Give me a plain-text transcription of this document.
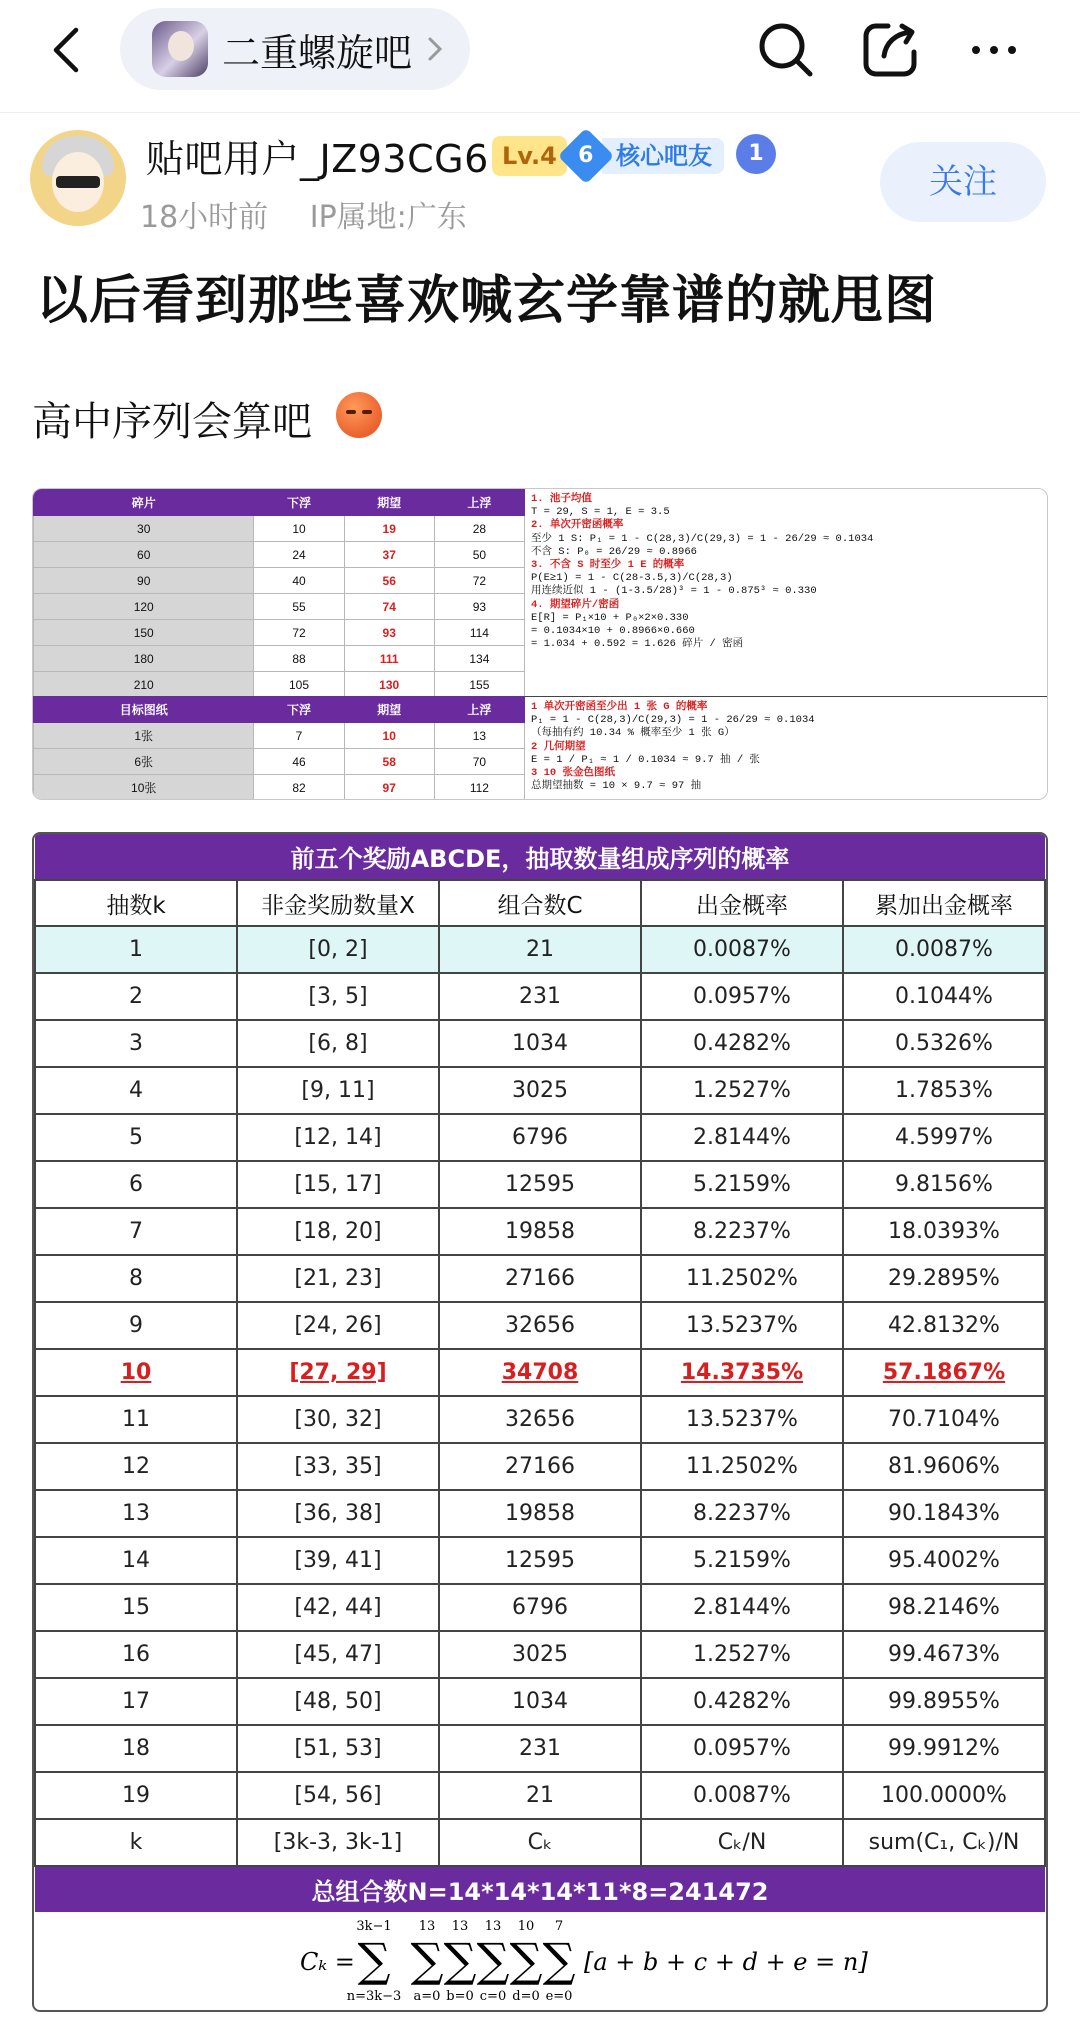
二重螺旋吧
贴吧用户_JZ93CG6 Lv.4 6 核心吧友	1
18小时前 IP属地:广东
关注
以后看到那些喜欢喊玄学靠谱的就甩图
高中序列会算吧
碎片	下浮	期望	上浮
30	10	19	28
60	24	37	50
90	40	56	72
120	55	74	93
150	72	93	114
180	88	111	134
210	105	130	155
目标图纸	下浮	期望	上浮
1张	7	10	13
6张	46	58	70
10张	82	97	112
1. 池子均值
T = 29, S = 1, E = 3.5
2. 单次开密函概率
至少 1 S: P₁ = 1 - C(28,3)/C(29,3) = 1 - 26/29 ≈ 0.1034
不含 S: P₀ = 26/29 ≈ 0.8966
3. 不含 S 时至少 1 E 的概率
P(E≥1) = 1 - C(28-3.5,3)/C(28,3)
用连续近似 1 - (1-3.5/28)³ = 1 - 0.875³ ≈ 0.330
4. 期望碎片/密函
E[R] = P₁×10 + P₀×2×0.330
= 0.1034×10 + 0.8966×0.660
= 1.034 + 0.592 = 1.626 碎片 / 密函
1 单次开密函至少出 1 张 G 的概率
P₁ = 1 - C(28,3)/C(29,3) = 1 - 26/29 ≈ 0.1034
（每抽有约 10.34 % 概率至少 1 张 G）
2 几何期望
E = 1 / P₁ ≈ 1 / 0.1034 ≈ 9.7 抽 / 张
3 10 张金色图纸
总期望抽数 = 10 × 9.7 ≈ 97 抽
前五个奖励ABCDE，抽取数量组成序列的概率				
抽数k	非金奖励数量X	组合数C	出金概率	累加出金概率
1	[0, 2]	21	0.0087%	0.0087%
2	[3, 5]	231	0.0957%	0.1044%
3	[6, 8]	1034	0.4282%	0.5326%
4	[9, 11]	3025	1.2527%	1.7853%
5	[12, 14]	6796	2.8144%	4.5997%
6	[15, 17]	12595	5.2159%	9.8156%
7	[18, 20]	19858	8.2237%	18.0393%
8	[21, 23]	27166	11.2502%	29.2895%
9	[24, 26]	32656	13.5237%	42.8132%
10	[27, 29]	34708	14.3735%	57.1867%
11	[30, 32]	32656	13.5237%	70.7104%
12	[33, 35]	27166	11.2502%	81.9606%
13	[36, 38]	19858	8.2237%	90.1843%
14	[39, 41]	12595	5.2159%	95.4002%
15	[42, 44]	6796	2.8144%	98.2146%
16	[45, 47]	3025	1.2527%	99.4673%
17	[48, 50]	1034	0.4282%	99.8955%
18	[51, 53]	231	0.0957%	99.9912%
19	[54, 56]	21	0.0087%	100.0000%
k	[3k-3, 3k-1]	Cₖ	Cₖ/N	sum(C₁, Cₖ)/N
总组合数N=14*14*14*11*8=241472				
Cₖ =
3k−1
∑
n=3k−3
13
∑
a=0
13
∑
b=0
13
∑
c=0
10
∑
d=0
7
∑
e=0
[a + b + c + d + e = n]
